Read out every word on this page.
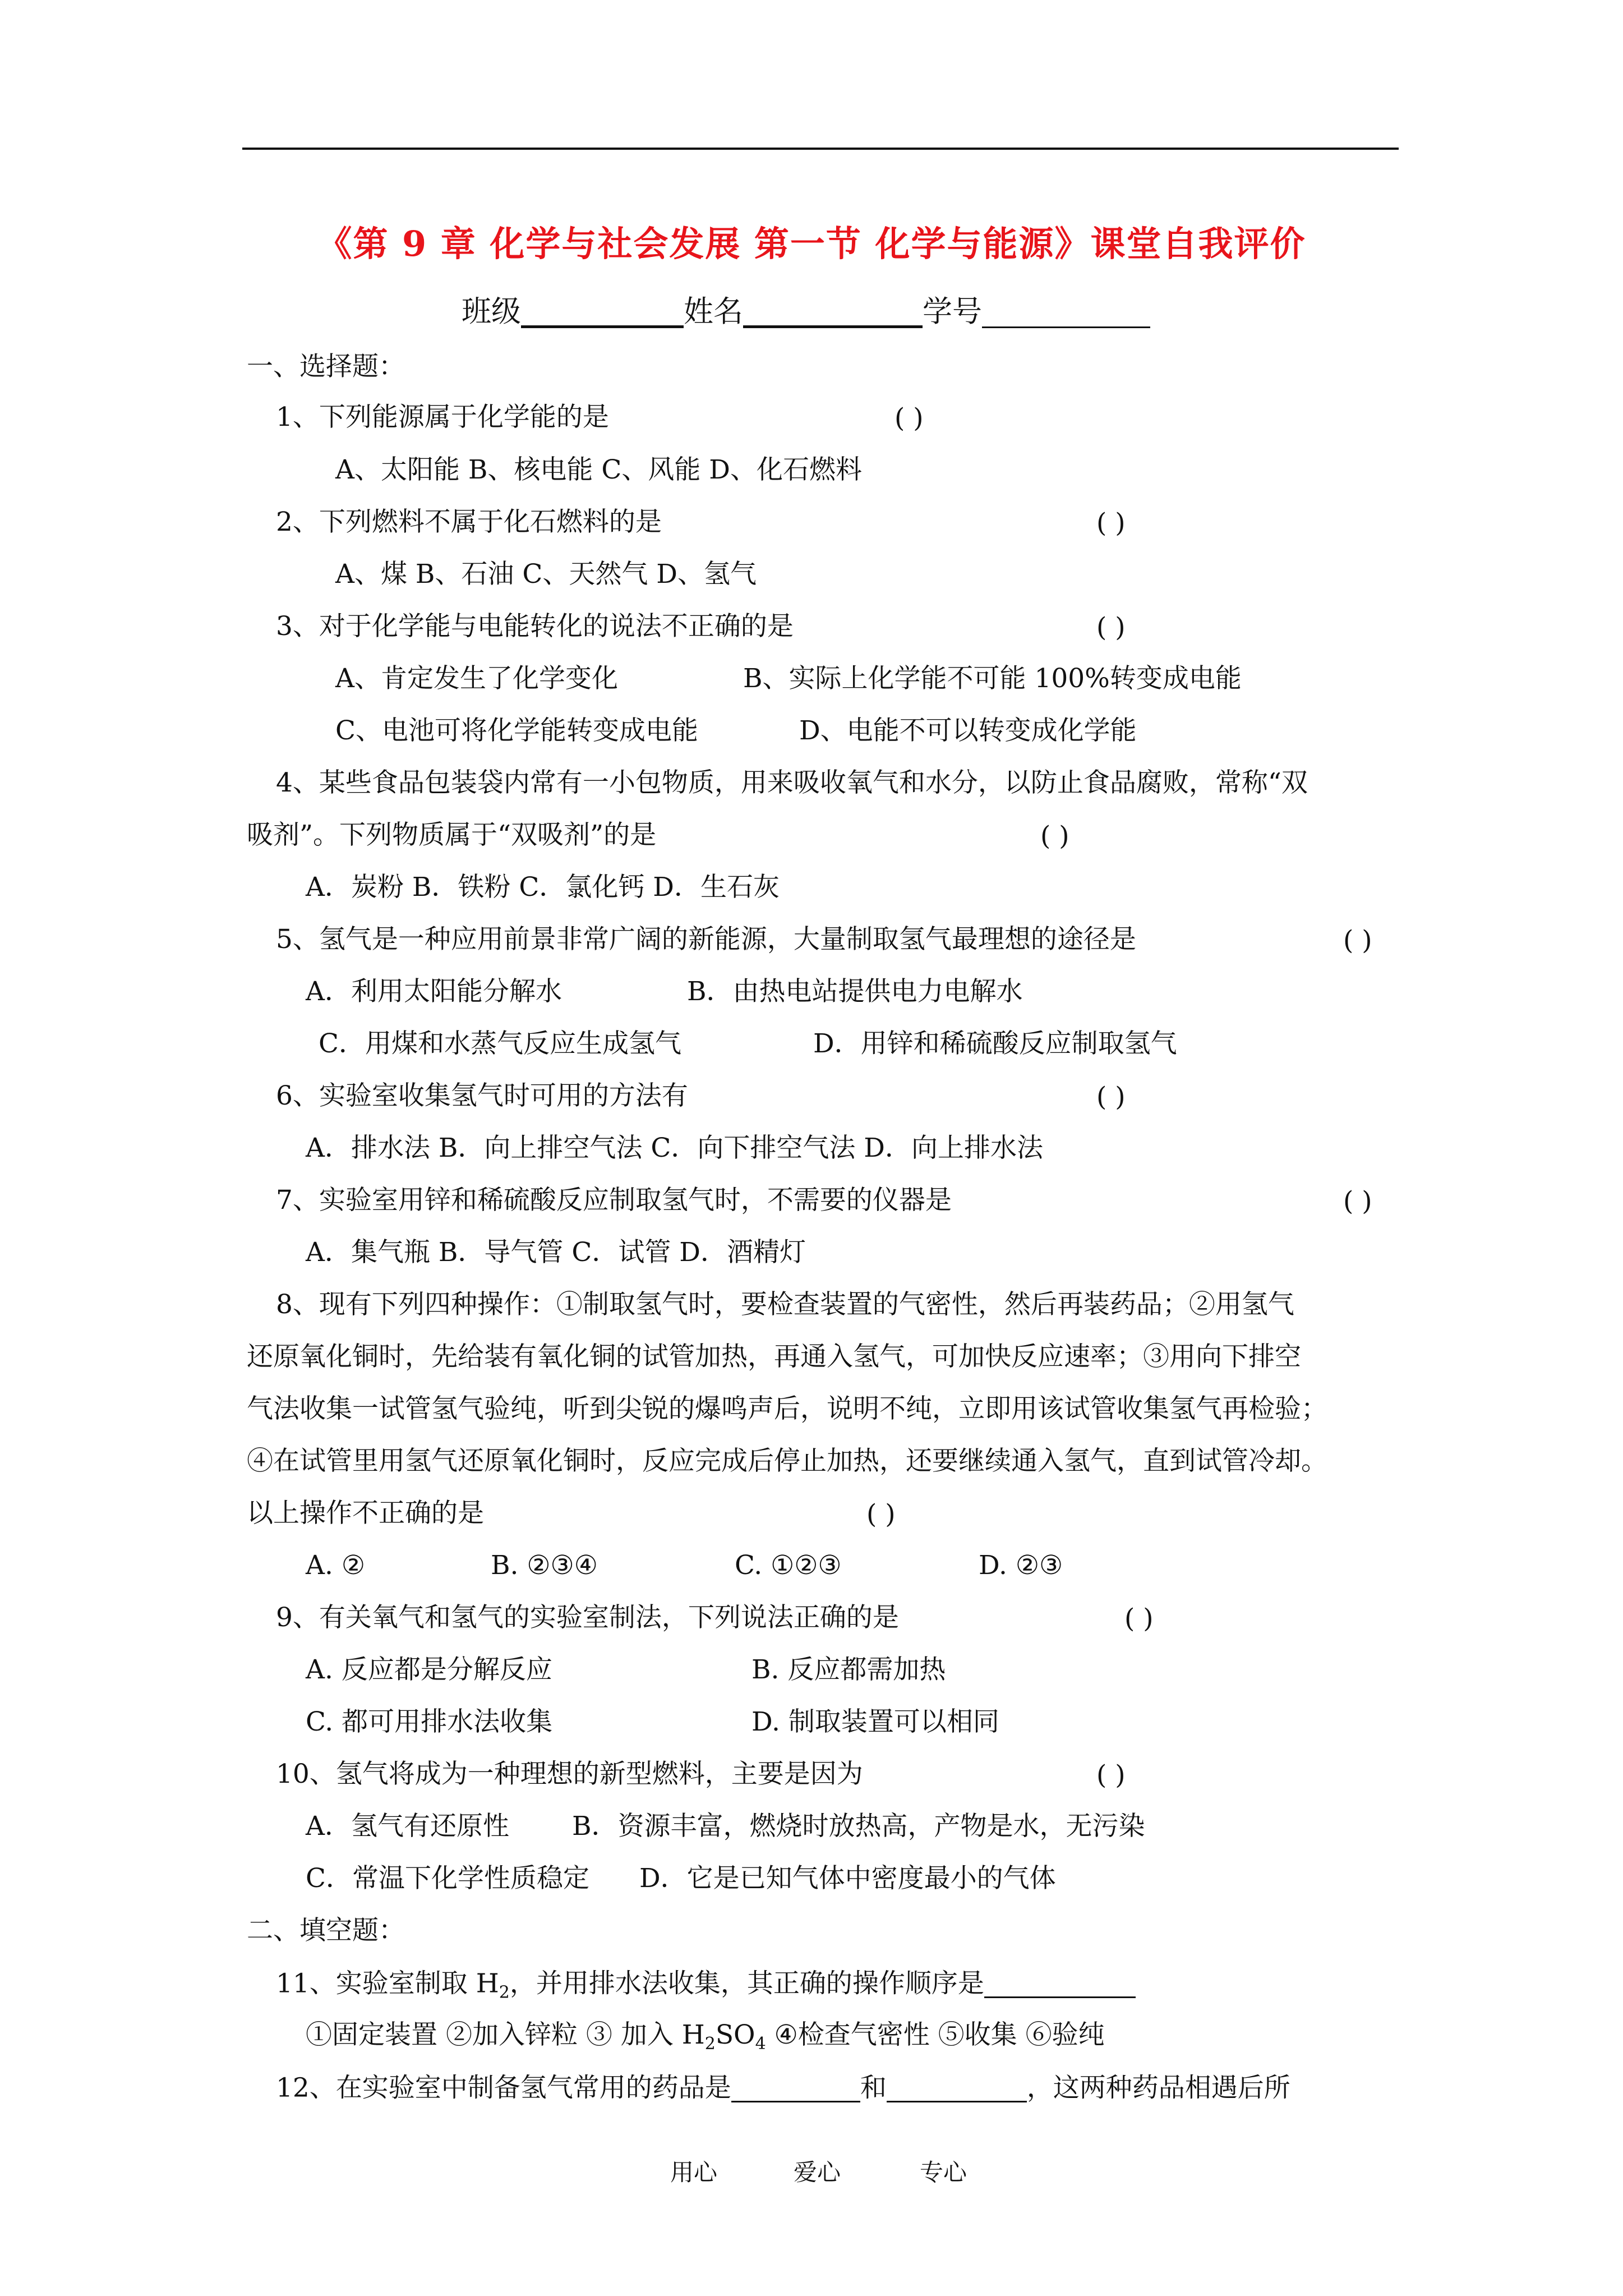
《第 9 章 化学与社会发展 第一节 化学与能源》课堂自我评价
班级	姓名	学号
一、选择题：
1、下列能源属于化学能的是	( )
A、太阳能 B、核电能 C、风能 D、化石燃料
2、下列燃料不属于化石燃料的是	( )
A、煤 B、石油 C、天然气 D、氢气
3、对于化学能与电能转化的说法不正确的是	( )
A、肯定发生了化学变化	B、实际上化学能不可能 100%转变成电能
C、电池可将化学能转变成电能	D、电能不可以转变成化学能
4、某些食品包装袋内常有一小包物质，用来吸收氧气和水分，以防止食品腐败，常称“双
吸剂”。下列物质属于“双吸剂”的是	( )
A．炭粉 B．铁粉 C．氯化钙 D．生石灰
5、氢气是一种应用前景非常广阔的新能源，大量制取氢气最理想的途径是	( )
A．利用太阳能分解水	B．由热电站提供电力电解水
C．用煤和水蒸气反应生成氢气	D．用锌和稀硫酸反应制取氢气
6、实验室收集氢气时可用的方法有	( )
A．排水法 B．向上排空气法 C．向下排空气法 D．向上排水法
7、实验室用锌和稀硫酸反应制取氢气时，不需要的仪器是	( )
A．集气瓶 B．导气管 C．试管 D．酒精灯
8、现有下列四种操作：①制取氢气时，要检查装置的气密性，然后再装药品；②用氢气
还原氧化铜时，先给装有氧化铜的试管加热，再通入氢气，可加快反应速率；③用向下排空
气法收集一试管氢气验纯，听到尖锐的爆鸣声后，说明不纯，立即用该试管收集氢气再检验；
④在试管里用氢气还原氧化铜时，反应完成后停止加热，还要继续通入氢气，直到试管冷却。
以上操作不正确的是	( )
A. ②	B. ②③④	C. ①②③	D. ②③
9、有关氧气和氢气的实验室制法，下列说法正确的是	( )
A. 反应都是分解反应	B. 反应都需加热
C. 都可用排水法收集	D. 制取装置可以相同
10、氢气将成为一种理想的新型燃料，主要是因为	( )
A．氢气有还原性 B．资源丰富，燃烧时放热高，产物是水，无污染
C．常温下化学性质稳定 D．它是已知气体中密度最小的气体
二、填空题：
11、实验室制取 $H_2$，并用排水法收集，其正确的操作顺序是
①固定装置 ②加入锌粒 ③ 加入 $H_2SO_4$ ④检查气密性 ⑤收集 ⑥验纯
12、在实验室中制备氢气常用的药品是	和	，这两种药品相遇后所
用心	爱心	专心
